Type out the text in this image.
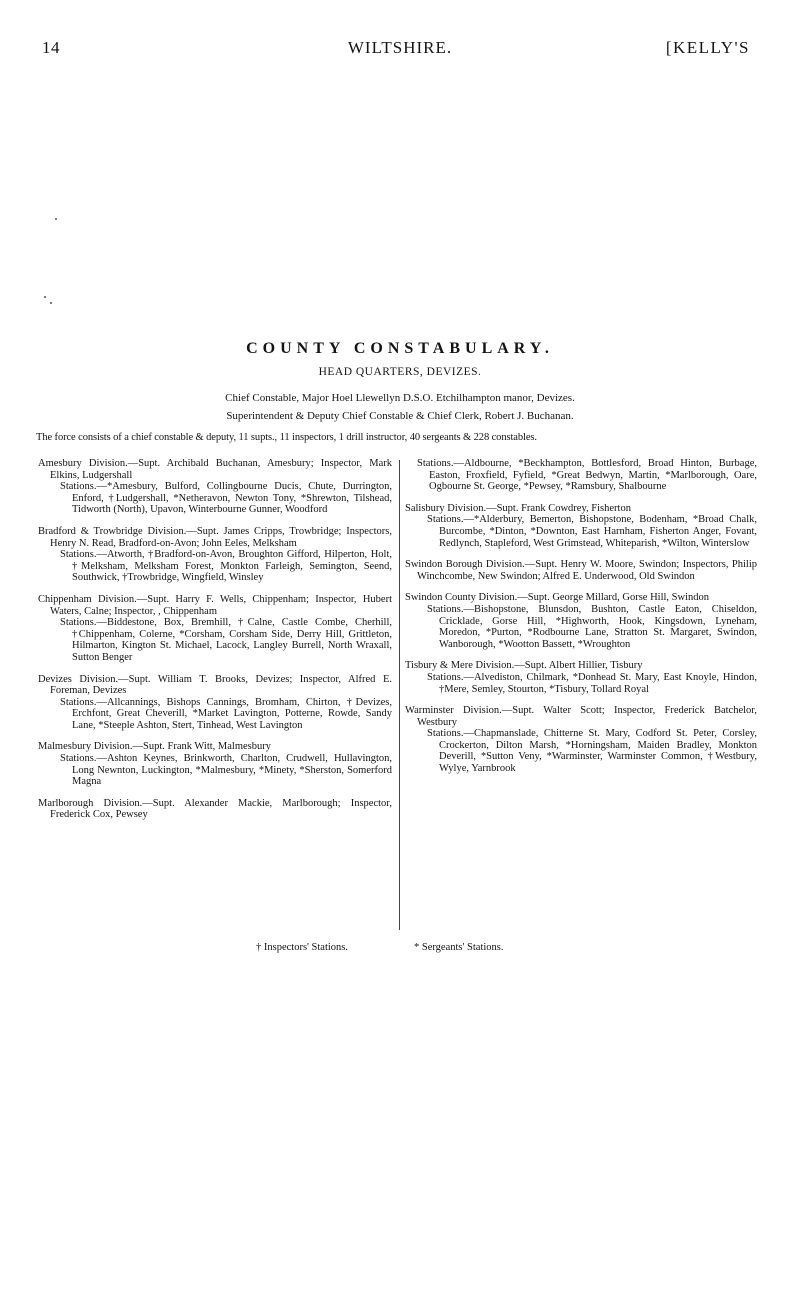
14	WILTSHIRE.	[KELLY'S
COUNTY CONSTABULARY.
HEAD QUARTERS, DEVIZES.
Chief Constable, Major Hoel Llewellyn D.S.O. Etchilhampton manor, Devizes.
Superintendent & Deputy Chief Constable & Chief Clerk, Robert J. Buchanan.
The force consists of a chief constable & deputy, 11 supts., 11 inspectors, 1 drill instructor, 40 sergeants & 228 constables.
Amesbury Division.—Supt. Archibald Buchanan, Amesbury; Inspector, Mark Elkins, Ludgershall
Stations.—*Amesbury, Bulford, Collingbourne Ducis, Chute, Durrington, Enford, †Ludgershall, *Netheravon, Newton Tony, *Shrewton, Tilshead, Tidworth (North), Upavon, Winterbourne Gunner, Woodford
Bradford & Trowbridge Division.—Supt. James Cripps, Trowbridge; Inspectors, Henry N. Read, Bradford-on-Avon; John Eeles, Melksham
Stations.—Atworth, †Bradford-on-Avon, Broughton Gifford, Hilperton, Holt, †Melksham, Melksham Forest, Monkton Farleigh, Semington, Seend, Southwick, †Trowbridge, Wingfield, Winsley
Chippenham Division.—Supt. Harry F. Wells, Chippenham; Inspector, Hubert Waters, Calne; Inspector, , Chippenham
Stations.—Biddestone, Box, Bremhill, †Calne, Castle Combe, Cherhill, †Chippenham, Colerne, *Corsham, Corsham Side, Derry Hill, Grittleton, Hilmarton, Kington St. Michael, Lacock, Langley Burrell, North Wraxall, Sutton Benger
Devizes Division.—Supt. William T. Brooks, Devizes; Inspector, Alfred E. Foreman, Devizes
Stations.—Allcannings, Bishops Cannings, Bromham, Chirton, †Devizes, Erchfont, Great Cheverill, *Market Lavington, Potterne, Rowde, Sandy Lane, *Steeple Ashton, Stert, Tinhead, West Lavington
Malmesbury Division.—Supt. Frank Witt, Malmesbury
Stations.—Ashton Keynes, Brinkworth, Charlton, Crudwell, Hullavington, Long Newnton, Luckington, *Malmesbury, *Minety, *Sherston, Somerford Magna
Marlborough Division.—Supt. Alexander Mackie, Marlborough; Inspector, Frederick Cox, Pewsey
Stations.—Aldbourne, *Beckhampton, Bottlesford, Broad Hinton, Burbage, Easton, Froxfield, Fyfield, *Great Bedwyn, Martin, *Marlborough, Oare, Ogbourne St. George, *Pewsey, *Ramsbury, Shalbourne
Salisbury Division.—Supt. Frank Cowdrey, Fisherton
Stations.—*Alderbury, Bemerton, Bishopstone, Bodenham, *Broad Chalk, Burcombe, *Dinton, *Downton, East Harnham, Fisherton Anger, Fovant, Redlynch, Stapleford, West Grimstead, Whiteparish, *Wilton, Winterslow
Swindon Borough Division.—Supt. Henry W. Moore, Swindon; Inspectors, Philip Winchcombe, New Swindon; Alfred E. Underwood, Old Swindon
Swindon County Division.—Supt. George Millard, Gorse Hill, Swindon
Stations.—Bishopstone, Blunsdon, Bushton, Castle Eaton, Chiseldon, Cricklade, Gorse Hill, *Highworth, Hook, Kingsdown, Lyneham, Moredon, *Purton, *Rodbourne Lane, Stratton St. Margaret, Swindon, Wanborough, *Wootton Bassett, *Wroughton
Tisbury & Mere Division.—Supt. Albert Hillier, Tisbury
Stations.—Alvediston, Chilmark, *Donhead St. Mary, East Knoyle, Hindon, †Mere, Semley, Stourton, *Tisbury, Tollard Royal
Warminster Division.—Supt. Walter Scott; Inspector, Frederick Batchelor, Westbury
Stations.—Chapmanslade, Chitterne St. Mary, Codford St. Peter, Corsley, Crockerton, Dilton Marsh, *Horningsham, Maiden Bradley, Monkton Deverill, *Sutton Veny, *Warminster, Warminster Common, †Westbury, Wylye, Yarnbrook
† Inspectors' Stations.	* Sergeants' Stations.
